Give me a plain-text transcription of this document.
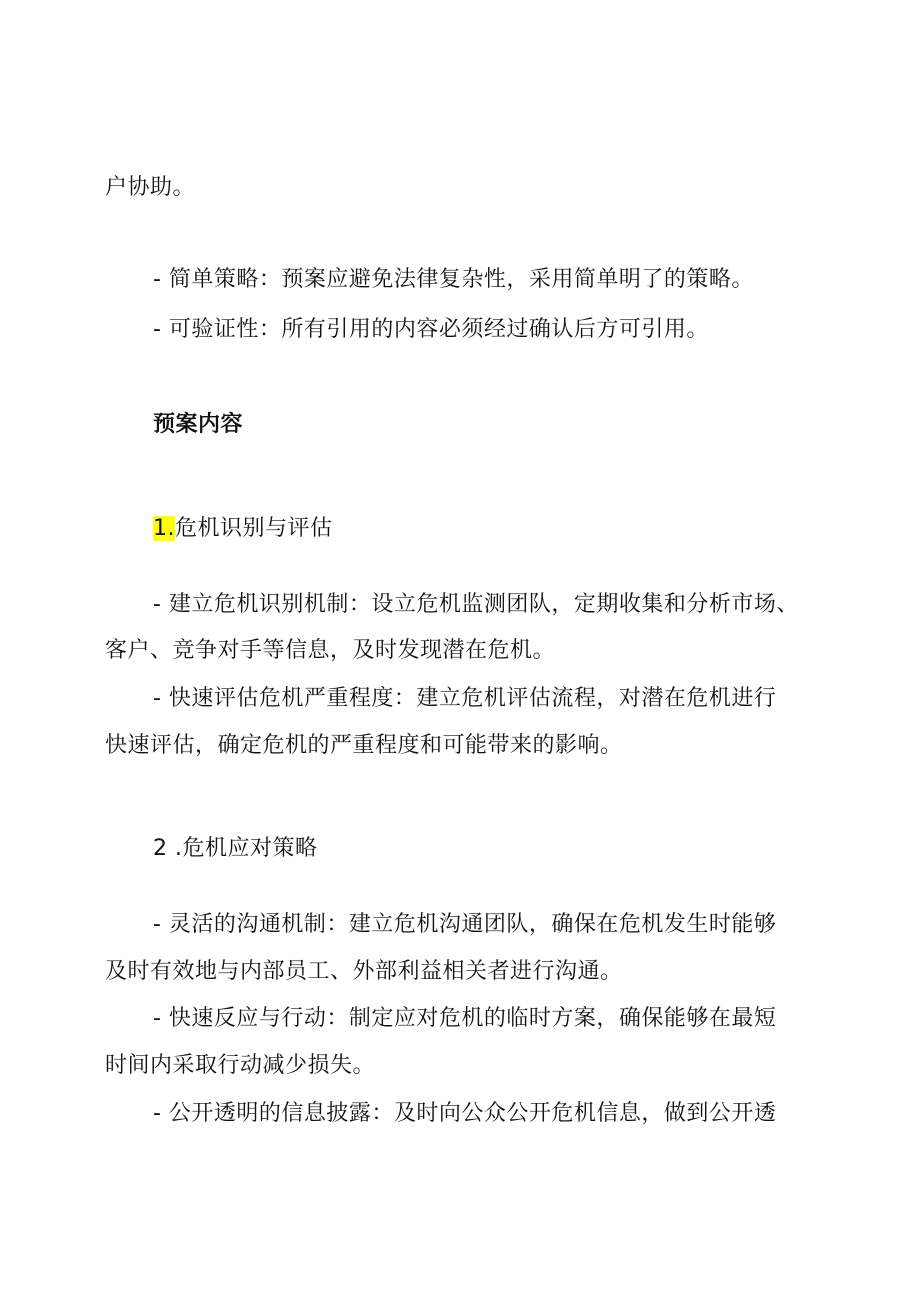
户协助。
- 简单策略：预案应避免法律复杂性，采用简单明了的策略。
- 可验证性：所有引用的内容必须经过确认后方可引用。
预案内容
1.危机识别与评估
- 建立危机识别机制：设立危机监测团队，定期收集和分析市场、
客户、竞争对手等信息，及时发现潜在危机。
- 快速评估危机严重程度：建立危机评估流程，对潜在危机进行
快速评估，确定危机的严重程度和可能带来的影响。
2 .危机应对策略
- 灵活的沟通机制：建立危机沟通团队，确保在危机发生时能够
及时有效地与内部员工、外部利益相关者进行沟通。
- 快速反应与行动：制定应对危机的临时方案，确保能够在最短
时间内采取行动减少损失。
- 公开透明的信息披露：及时向公众公开危机信息，做到公开透
